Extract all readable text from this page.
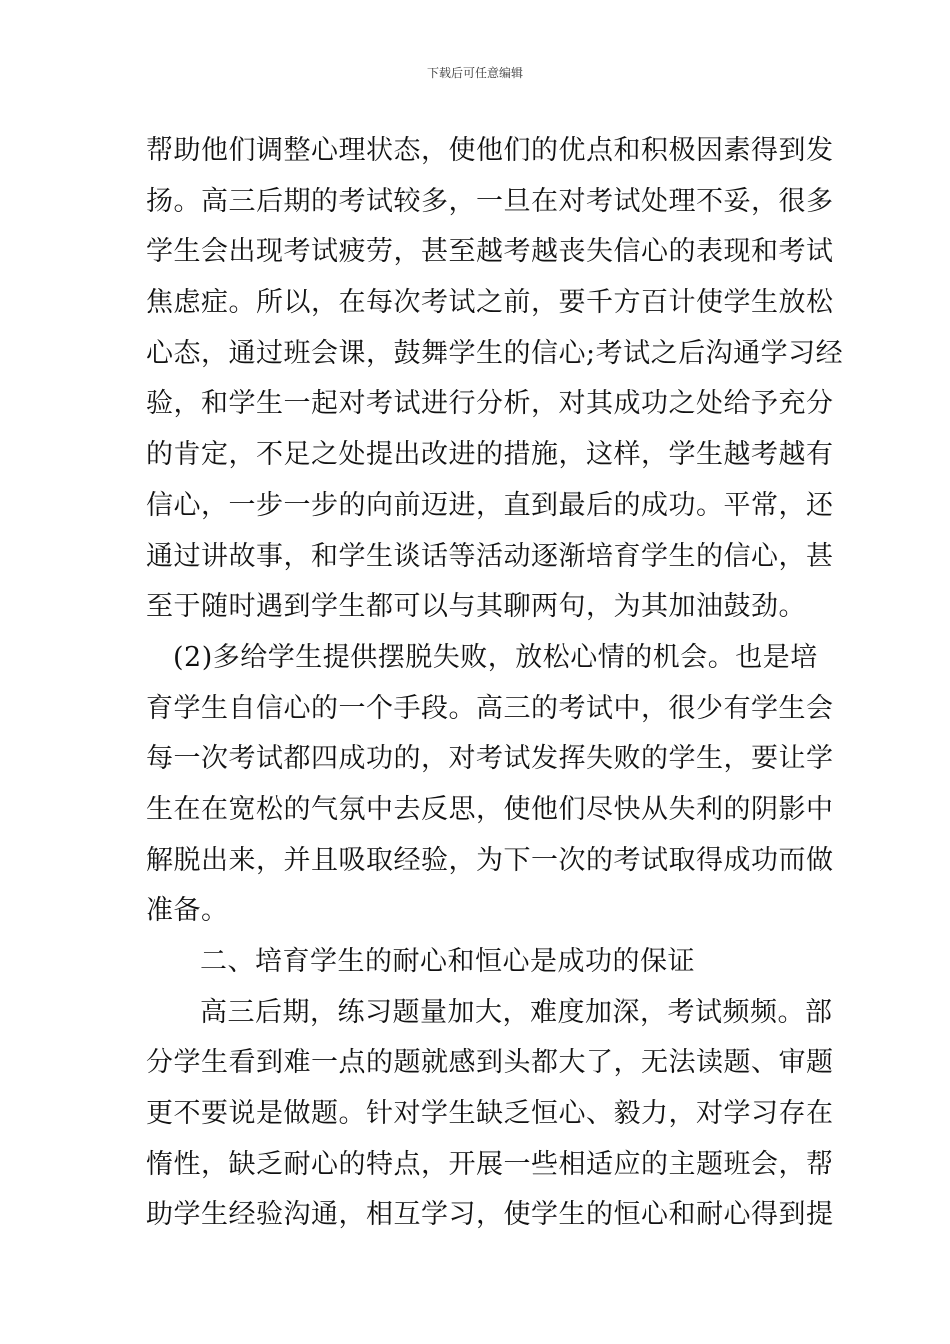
下载后可任意编辑
帮助他们调整心理状态，使他们的优点和积极因素得到发
扬。高三后期的考试较多，一旦在对考试处理不妥，很多
学生会出现考试疲劳，甚至越考越丧失信心的表现和考试
焦虑症。所以，在每次考试之前，要千方百计使学生放松
心态，通过班会课，鼓舞学生的信心;考试之后沟通学习经
验，和学生一起对考试进行分析，对其成功之处给予充分
的肯定，不足之处提出改进的措施，这样，学生越考越有
信心，一步一步的向前迈进，直到最后的成功。平常，还
通过讲故事，和学生谈话等活动逐渐培育学生的信心，甚
至于随时遇到学生都可以与其聊两句，为其加油鼓劲。
(2)多给学生提供摆脱失败，放松心情的机会。也是培
育学生自信心的一个手段。高三的考试中，很少有学生会
每一次考试都四成功的，对考试发挥失败的学生，要让学
生在在宽松的气氛中去反思，使他们尽快从失利的阴影中
解脱出来，并且吸取经验，为下一次的考试取得成功而做
准备。
二、培育学生的耐心和恒心是成功的保证
高三后期，练习题量加大，难度加深，考试频频。部
分学生看到难一点的题就感到头都大了，无法读题、审题
更不要说是做题。针对学生缺乏恒心、毅力，对学习存在
惰性，缺乏耐心的特点，开展一些相适应的主题班会，帮
助学生经验沟通，相互学习，使学生的恒心和耐心得到提
